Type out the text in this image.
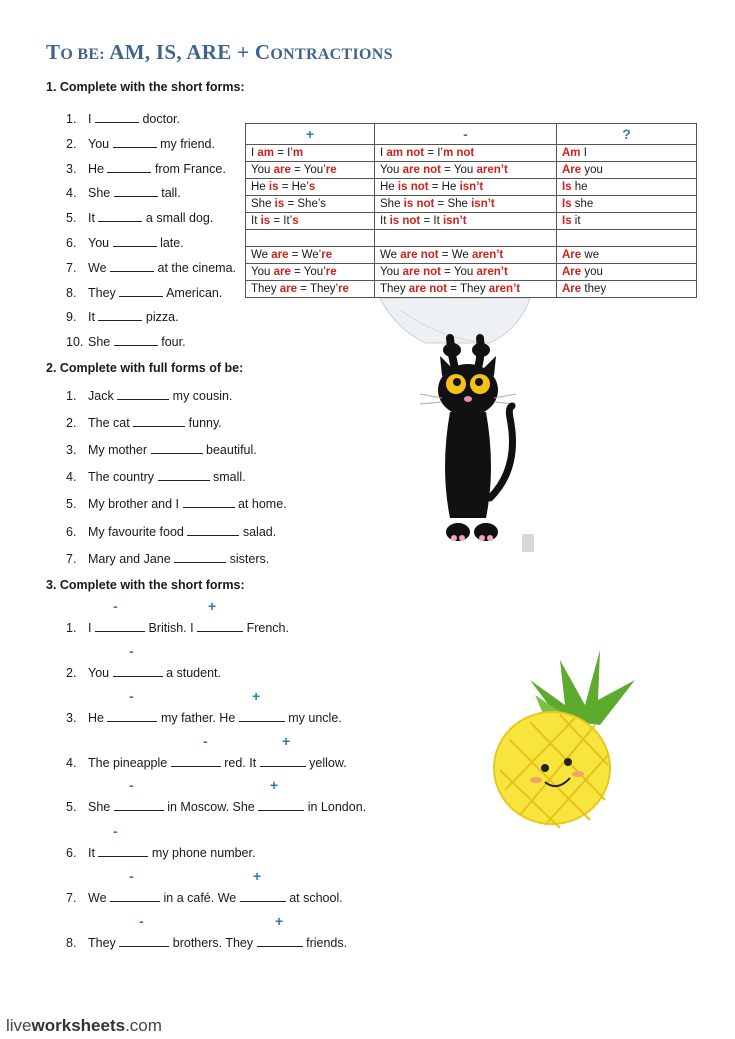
TO BE: AM, IS, ARE + CONTRACTIONS
1. Complete with the short forms:
1. I	doctor.
2. You	my friend.
3. He	from France.
4. She	tall.
5. It	a small dog.
6. You	late.
7. We	at the cinema.
8. They	American.
9. It	pizza.
10. She	four.
+	-	?
I am = I’m	I am not = I’m not	Am I
You are = You’re	You are not = You aren’t	Are you
He is = He’s	He is not = He isn’t	Is he
She is = She’s	She is not = She isn’t	Is she
It is = It’s	It is not = It isn’t	Is it

We are = We’re	We are not = We aren’t	Are we
You are = You’re	You are not = You aren’t	Are you
They are = They’re	They are not = They aren’t	Are they
2. Complete with full forms of be:
1. Jack	my cousin.
2. The cat	funny.
3. My mother	beautiful.
4. The country	small.
5. My brother and I	at home.
6. My favourite food	salad.
7. Mary and Jane	sisters.
3. Complete with the short forms:
-	+
1. I	British. I	French.
-
2. You	a student.
-	+
3. He	my father. He	my uncle.
-	+
4. The pineapple	red. It	yellow.
-	+
5. She	in Moscow. She	in London.
-
6. It	my phone number.
-	+
7. We	in a café. We	at school.
-	+
8. They	brothers. They	friends.
liveworksheets.com
